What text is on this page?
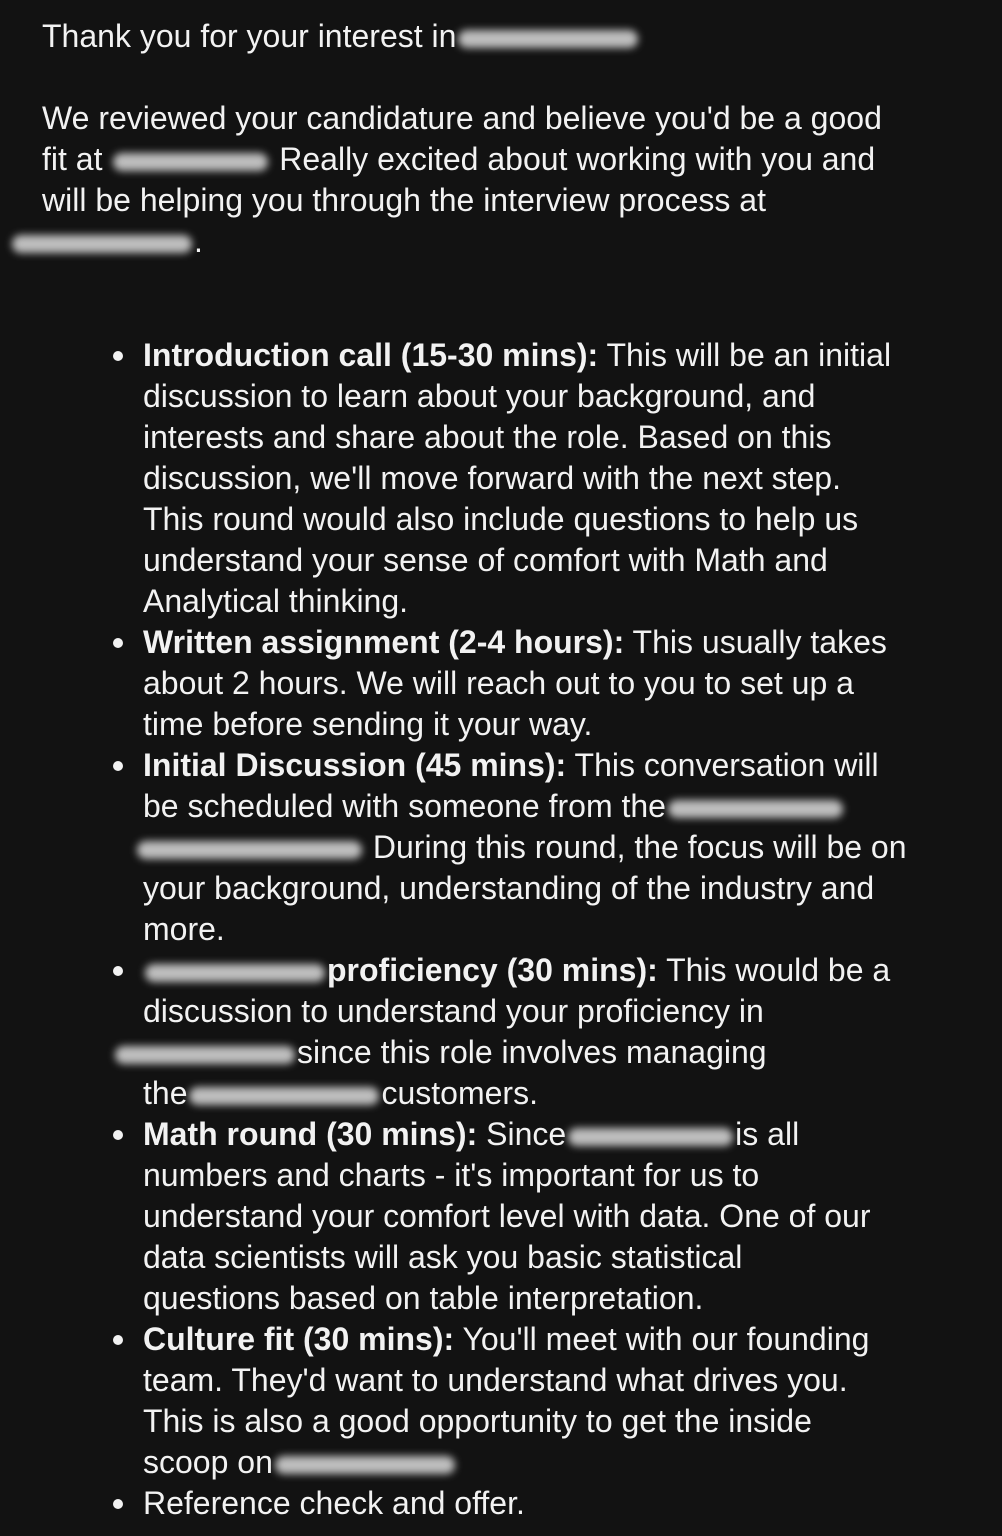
Thank you for your interest in

We reviewed your candidature and believe you'd be a good
fit at	Really excited about working with you and
will be helping you through the interview process at
.

Introduction call (15-30 mins): This will be an initial
discussion to learn about your background, and
interests and share about the role. Based on this
discussion, we'll move forward with the next step.
This round would also include questions to help us
understand your sense of comfort with Math and
Analytical thinking.
Written assignment (2-4 hours): This usually takes
about 2 hours. We will reach out to you to set up a
time before sending it your way.
Initial Discussion (45 mins): This conversation will
be scheduled with someone from the
During this round, the focus will be on
your background, understanding of the industry and
more.
proficiency (30 mins): This would be a
discussion to understand your proficiency in
since this role involves managing
the	customers.
Math round (30 mins): Since	is all
numbers and charts - it's important for us to
understand your comfort level with data. One of our
data scientists will ask you basic statistical
questions based on table interpretation.
Culture fit (30 mins): You'll meet with our founding
team. They'd want to understand what drives you.
This is also a good opportunity to get the inside
scoop on
Reference check and offer.
